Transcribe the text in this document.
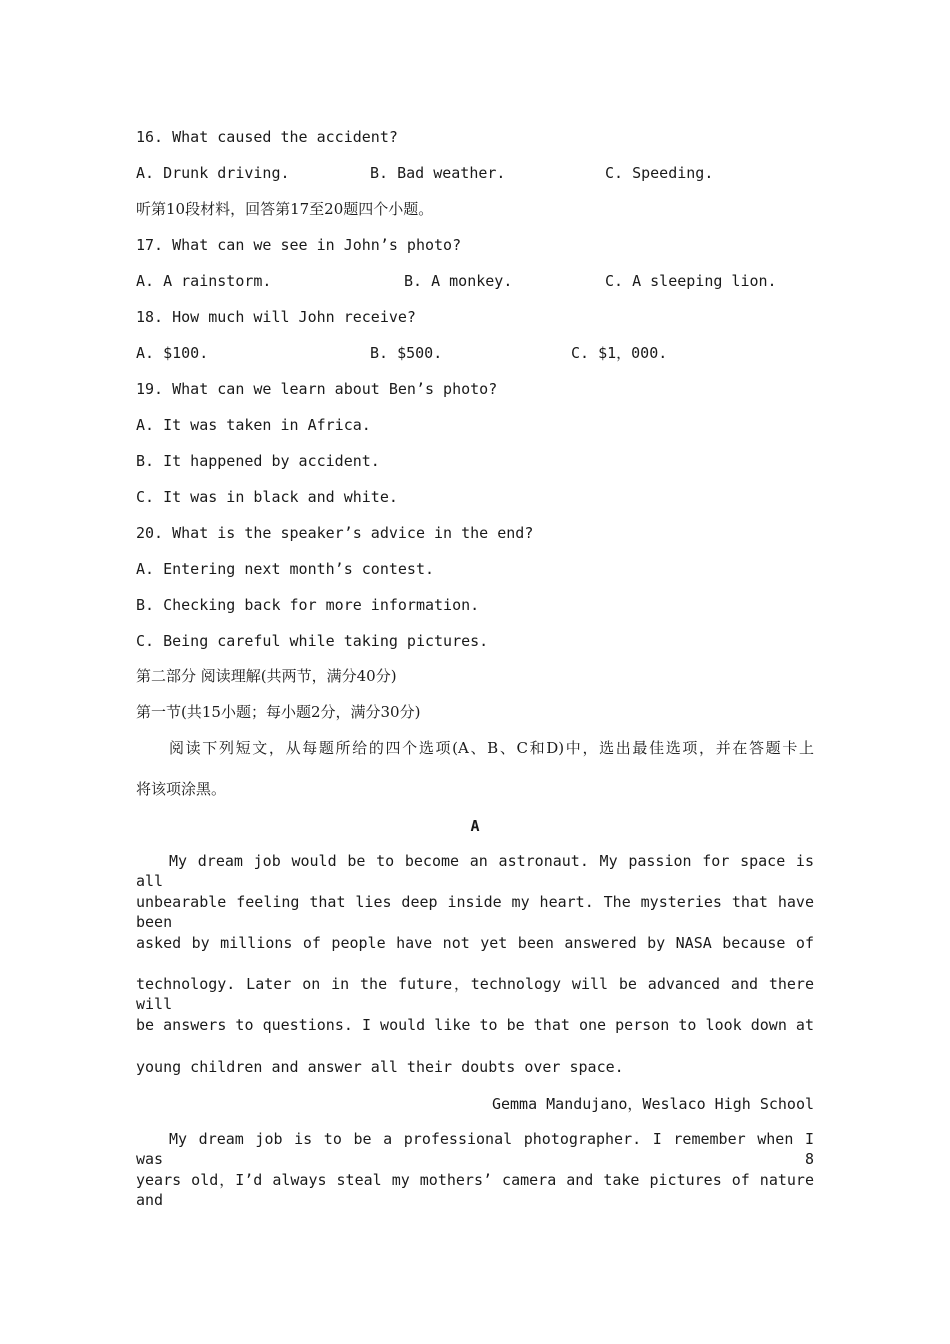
16. What caused the accident?
A. Drunk driving.	B. Bad weather.	C. Speeding.
听第10段材料，回答第17至20题四个小题。
17. What can we see in John’s photo?
A. A rainstorm.	B. A monkey.	C. A sleeping lion.
18. How much will John receive?
A. $100.	B. $500.	C. $1，000.
19. What can we learn about Ben’s photo?
A. It was taken in Africa.
B. It happened by accident.
C. It was in black and white.
20. What is the speaker’s advice in the end?
A. Entering next month’s contest.
B. Checking back for more information.
C. Being careful while taking pictures.
第二部分 阅读理解(共两节，满分40分)
第一节(共15小题；每小题2分，满分30分)
阅读下列短文，从每题所给的四个选项(A、B、C和D)中，选出最佳选项，并在答题卡上
将该项涂黑。
A
My dream job would be to become an astronaut. My passion for space is all
unbearable feeling that lies deep inside my heart. The mysteries that have been
asked by millions of people have not yet been answered by NASA because of
technology. Later on in the future，technology will be advanced and there will
be answers to questions. I would like to be that one person to look down at
young children and answer all their doubts over space.
Gemma Mandujano，Weslaco High School
My dream job is to be a professional photographer. I remember when I was 8
years old，I’d always steal my mothers’ camera and take pictures of nature and
